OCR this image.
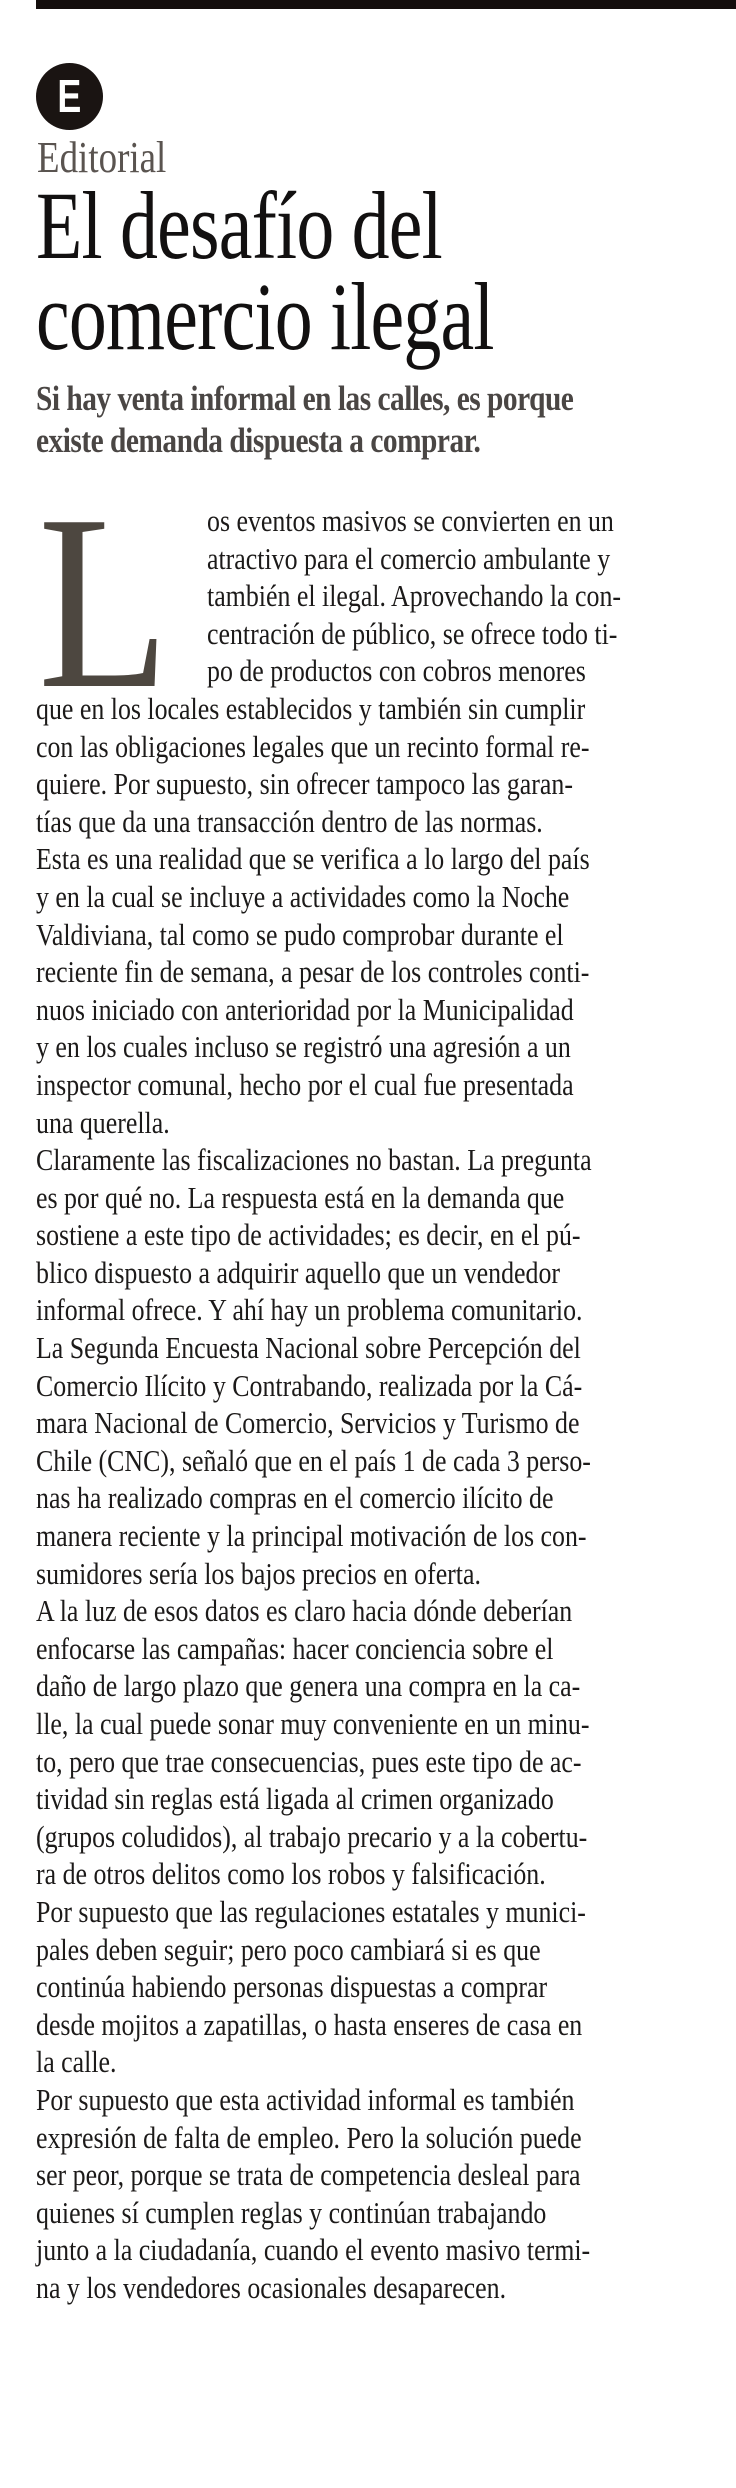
E
Editorial
El desafío del
comercio ilegal
Si hay venta informal en las calles, es porque
existe demanda dispuesta a comprar.
L os eventos masivos se convierten en un
atractivo para el comercio ambulante y
también el ilegal. Aprovechando la con-
centración de público, se ofrece todo ti-
po de productos con cobros menores
que en los locales establecidos y también sin cumplir
con las obligaciones legales que un recinto formal re-
quiere. Por supuesto, sin ofrecer tampoco las garan-
tías que da una transacción dentro de las normas.
Esta es una realidad que se verifica a lo largo del país
y en la cual se incluye a actividades como la Noche
Valdiviana, tal como se pudo comprobar durante el
reciente fin de semana, a pesar de los controles conti-
nuos iniciado con anterioridad por la Municipalidad
y en los cuales incluso se registró una agresión a un
inspector comunal, hecho por el cual fue presentada
una querella.
Claramente las fiscalizaciones no bastan. La pregunta
es por qué no. La respuesta está en la demanda que
sostiene a este tipo de actividades; es decir, en el pú-
blico dispuesto a adquirir aquello que un vendedor
informal ofrece. Y ahí hay un problema comunitario.
La Segunda Encuesta Nacional sobre Percepción del
Comercio Ilícito y Contrabando, realizada por la Cá-
mara Nacional de Comercio, Servicios y Turismo de
Chile (CNC), señaló que en el país 1 de cada 3 perso-
nas ha realizado compras en el comercio ilícito de
manera reciente y la principal motivación de los con-
sumidores sería los bajos precios en oferta.
A la luz de esos datos es claro hacia dónde deberían
enfocarse las campañas: hacer conciencia sobre el
daño de largo plazo que genera una compra en la ca-
lle, la cual puede sonar muy conveniente en un minu-
to, pero que trae consecuencias, pues este tipo de ac-
tividad sin reglas está ligada al crimen organizado
(grupos coludidos), al trabajo precario y a la cobertu-
ra de otros delitos como los robos y falsificación.
Por supuesto que las regulaciones estatales y munici-
pales deben seguir; pero poco cambiará si es que
continúa habiendo personas dispuestas a comprar
desde mojitos a zapatillas, o hasta enseres de casa en
la calle.
Por supuesto que esta actividad informal es también
expresión de falta de empleo. Pero la solución puede
ser peor, porque se trata de competencia desleal para
quienes sí cumplen reglas y continúan trabajando
junto a la ciudadanía, cuando el evento masivo termi-
na y los vendedores ocasionales desaparecen.
